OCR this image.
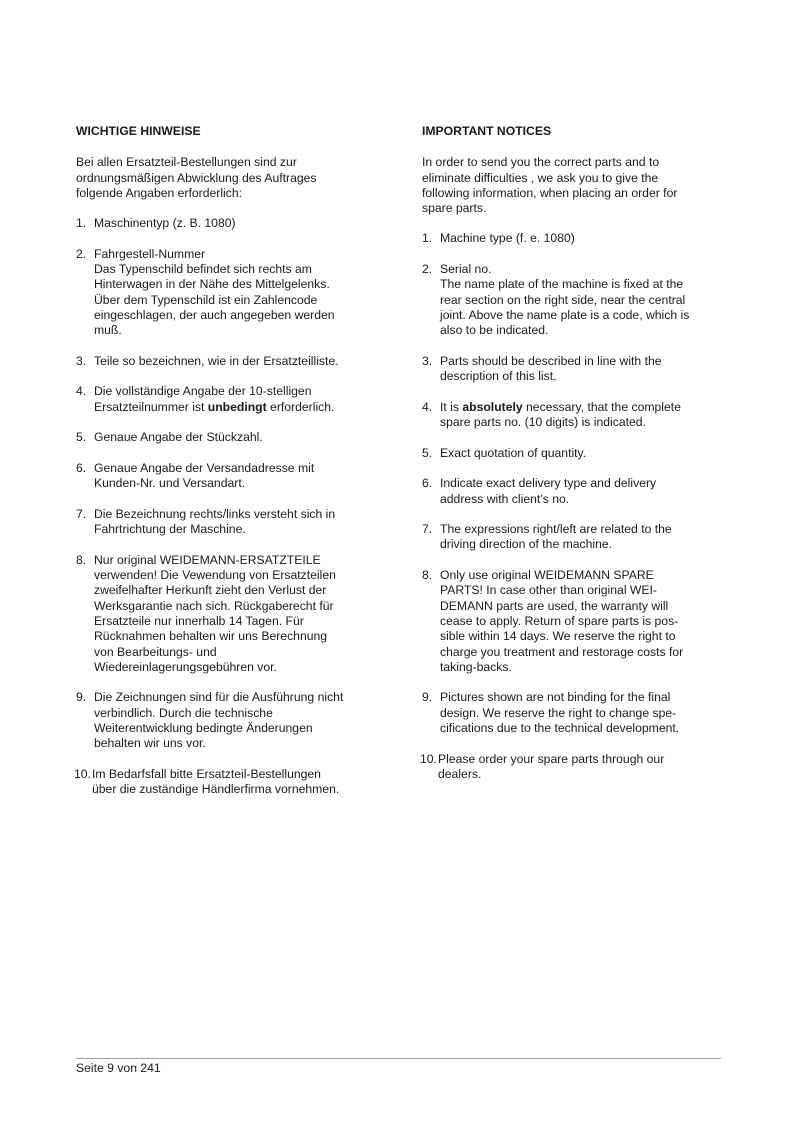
WICHTIGE HINWEISE
Bei allen Ersatzteil-Bestellungen sind zur
ordnungsmäßigen Abwicklung des Auftrages
folgende Angaben erforderlich:
1. Maschinentyp (z. B. 1080)
2. Fahrgestell-Nummer
Das Typenschild befindet sich rechts am
Hinterwagen in der Nähe des Mittelgelenks.
Über dem Typenschild ist ein Zahlencode
eingeschlagen, der auch angegeben werden
muß.
3. Teile so bezeichnen, wie in der Ersatzteilliste.
4. Die vollständige Angabe der 10-stelligen
Ersatzteilnummer ist unbedingt erforderlich.
5. Genaue Angabe der Stückzahl.
6. Genaue Angabe der Versandadresse mit
Kunden-Nr. und Versandart.
7. Die Bezeichnung rechts/links versteht sich in
Fahrtrichtung der Maschine.
8. Nur original WEIDEMANN-ERSATZTEILE
verwenden! Die Vewendung von Ersatzteilen
zweifelhafter Herkunft zieht den Verlust der
Werksgarantie nach sich. Rückgaberecht für
Ersatzteile nur innerhalb 14 Tagen. Für
Rücknahmen behalten wir uns Berechnung
von Bearbeitungs- und
Wiedereinlagerungsgebühren vor.
9. Die Zeichnungen sind für die Ausführung nicht
verbindlich. Durch die technische
Weiterentwicklung bedingte Änderungen
behalten wir uns vor.
10. Im Bedarfsfall bitte Ersatzteil-Bestellungen
über die zuständige Händlerfirma vornehmen.
IMPORTANT NOTICES
In order to send you the correct parts and to
eliminate difficulties , we ask you to give the
following information, when placing an order for
spare parts.
1. Machine type (f. e. 1080)
2. Serial no.
The name plate of the machine is fixed at the
rear section on the right side, near the central
joint. Above the name plate is a code, which is
also to be indicated.
3. Parts should be described in line with the
description of this list.
4. It is absolutely necessary, that the complete
spare parts no. (10 digits) is indicated.
5. Exact quotation of quantity.
6. Indicate exact delivery type and delivery
address with client’s no.
7. The expressions right/left are related to the
driving direction of the machine.
8. Only use original WEIDEMANN SPARE
PARTS! In case other than original WEI-
DEMANN parts are used, the warranty will
cease to apply. Return of spare parts is pos-
sible within 14 days. We reserve the right to
charge you treatment and restorage costs for
taking-backs.
9. Pictures shown are not binding for the final
design. We reserve the right to change spe-
cifications due to the technical development.
10. Please order your spare parts through our
dealers.
Seite 9 von 241
